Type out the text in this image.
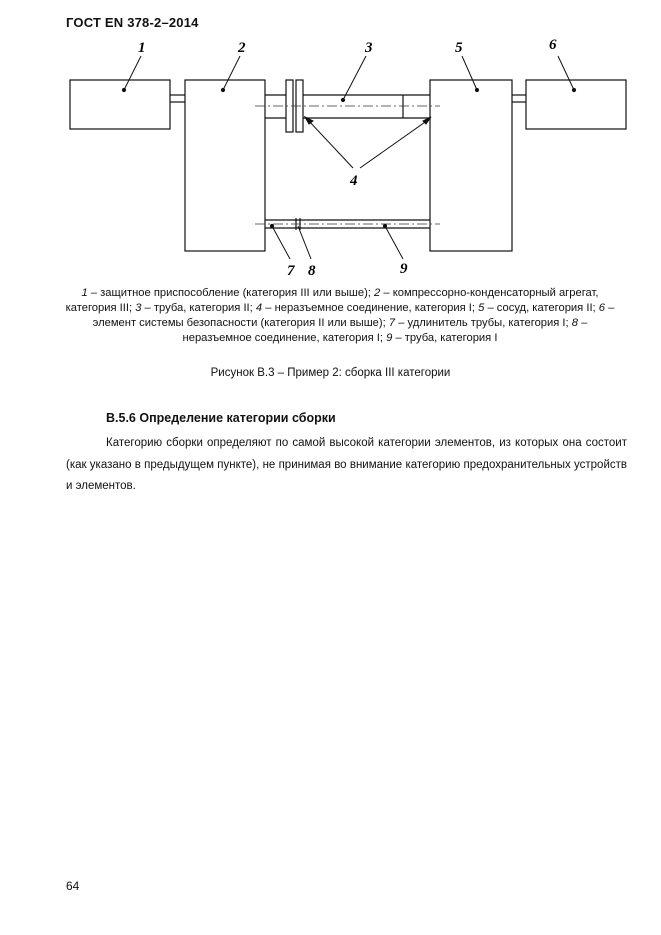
ГОСТ EN 378-2–2014
1	2	3
4
5	6
7 8	9
1 – защитное приспособление (категория III или выше); 2 – компрессорно-конденсаторный агрегат, категория III; 3 – труба, категория II; 4 – неразъемное соединение, категория I; 5 – сосуд, категория II; 6 – элемент системы безопасности (категория II или выше); 7 – удлинитель трубы, категория I; 8 – неразъемное соединение, категория I; 9 – труба, категория I
Рисунок В.3 – Пример 2: сборка III категории
В.5.6 Определение категории сборки
Категорию сборки определяют по самой высокой категории элементов, из которых она состоит (как указано в предыдущем пункте), не принимая во внимание категорию предохранительных устройств и элементов.
64
